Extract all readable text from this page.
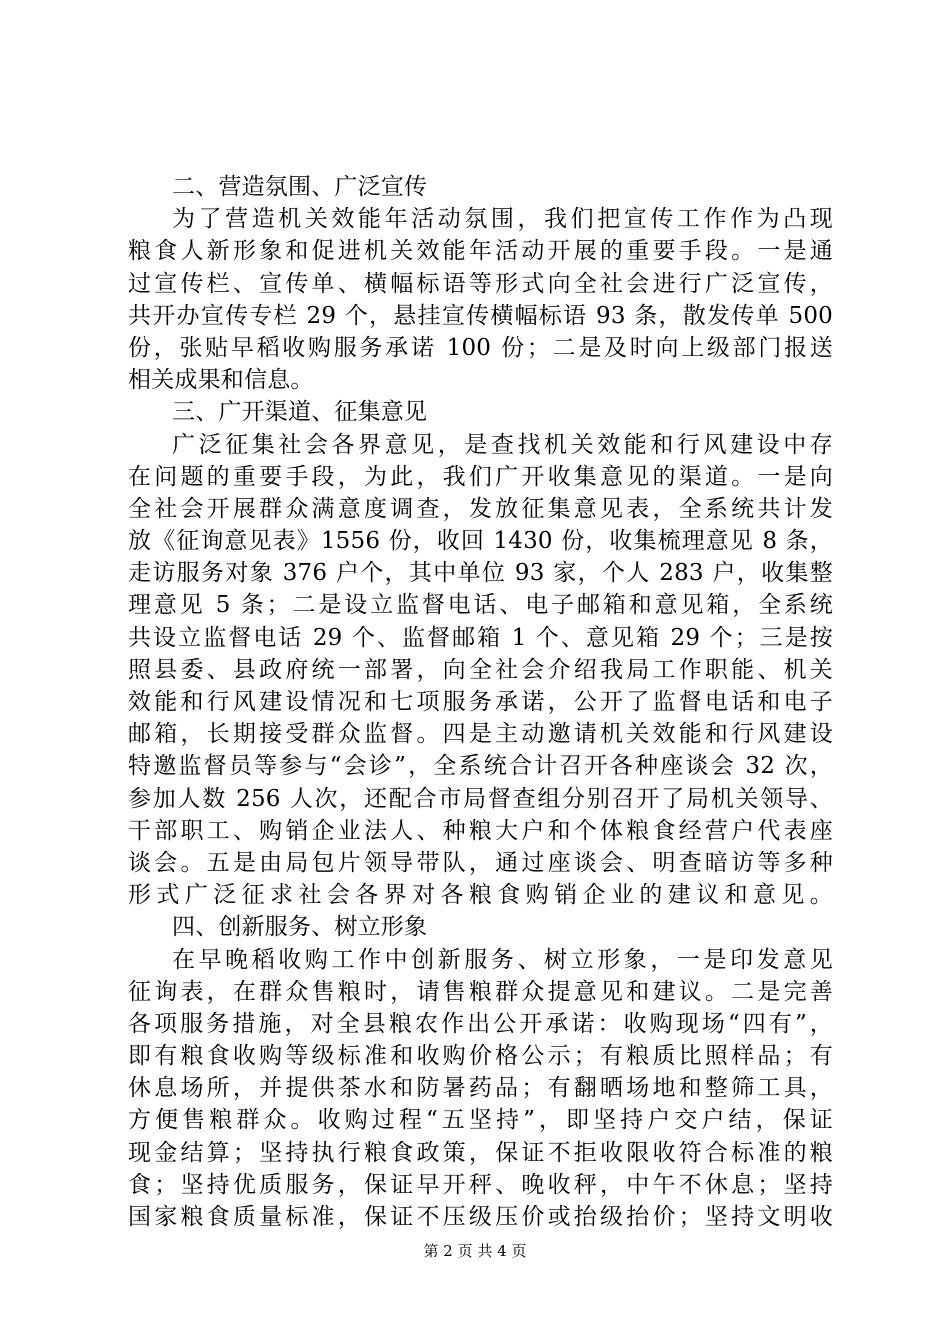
二、营造氛围、广泛宣传
为了营造机关效能年活动氛围，我们把宣传工作作为凸现
粮食人新形象和促进机关效能年活动开展的重要手段。一是通
过宣传栏、宣传单、横幅标语等形式向全社会进行广泛宣传，
共开办宣传专栏 29 个，悬挂宣传横幅标语 93 条，散发传单 500
份，张贴早稻收购服务承诺 100 份；二是及时向上级部门报送
相关成果和信息。
三、广开渠道、征集意见
广泛征集社会各界意见，是查找机关效能和行风建设中存
在问题的重要手段，为此，我们广开收集意见的渠道。一是向
全社会开展群众满意度调查，发放征集意见表，全系统共计发
放《征询意见表》1556 份，收回 1430 份，收集梳理意见 8 条，
走访服务对象 376 户个，其中单位 93 家，个人 283 户，收集整
理意见 5 条；二是设立监督电话、电子邮箱和意见箱，全系统
共设立监督电话 29 个、监督邮箱 1 个、意见箱 29 个；三是按
照县委、县政府统一部署，向全社会介绍我局工作职能、机关
效能和行风建设情况和七项服务承诺，公开了监督电话和电子
邮箱，长期接受群众监督。四是主动邀请机关效能和行风建设
特邀监督员等参与“会诊”，全系统合计召开各种座谈会 32 次，
参加人数 256 人次，还配合市局督查组分别召开了局机关领导、
干部职工、购销企业法人、种粮大户和个体粮食经营户代表座
谈会。五是由局包片领导带队，通过座谈会、明查暗访等多种
形式广泛征求社会各界对各粮食购销企业的建议和意见。
四、创新服务、树立形象
在早晚稻收购工作中创新服务、树立形象，一是印发意见
征询表，在群众售粮时，请售粮群众提意见和建议。二是完善
各项服务措施，对全县粮农作出公开承诺：收购现场“四有”，
即有粮食收购等级标准和收购价格公示；有粮质比照样品；有
休息场所，并提供茶水和防暑药品；有翻晒场地和整筛工具，
方便售粮群众。收购过程“五坚持”，即坚持户交户结，保证
现金结算；坚持执行粮食政策，保证不拒收限收符合标准的粮
食；坚持优质服务，保证早开秤、晚收秤，中午不休息；坚持
国家粮食质量标准，保证不压级压价或抬级抬价；坚持文明收
第 2 页 共 4 页
